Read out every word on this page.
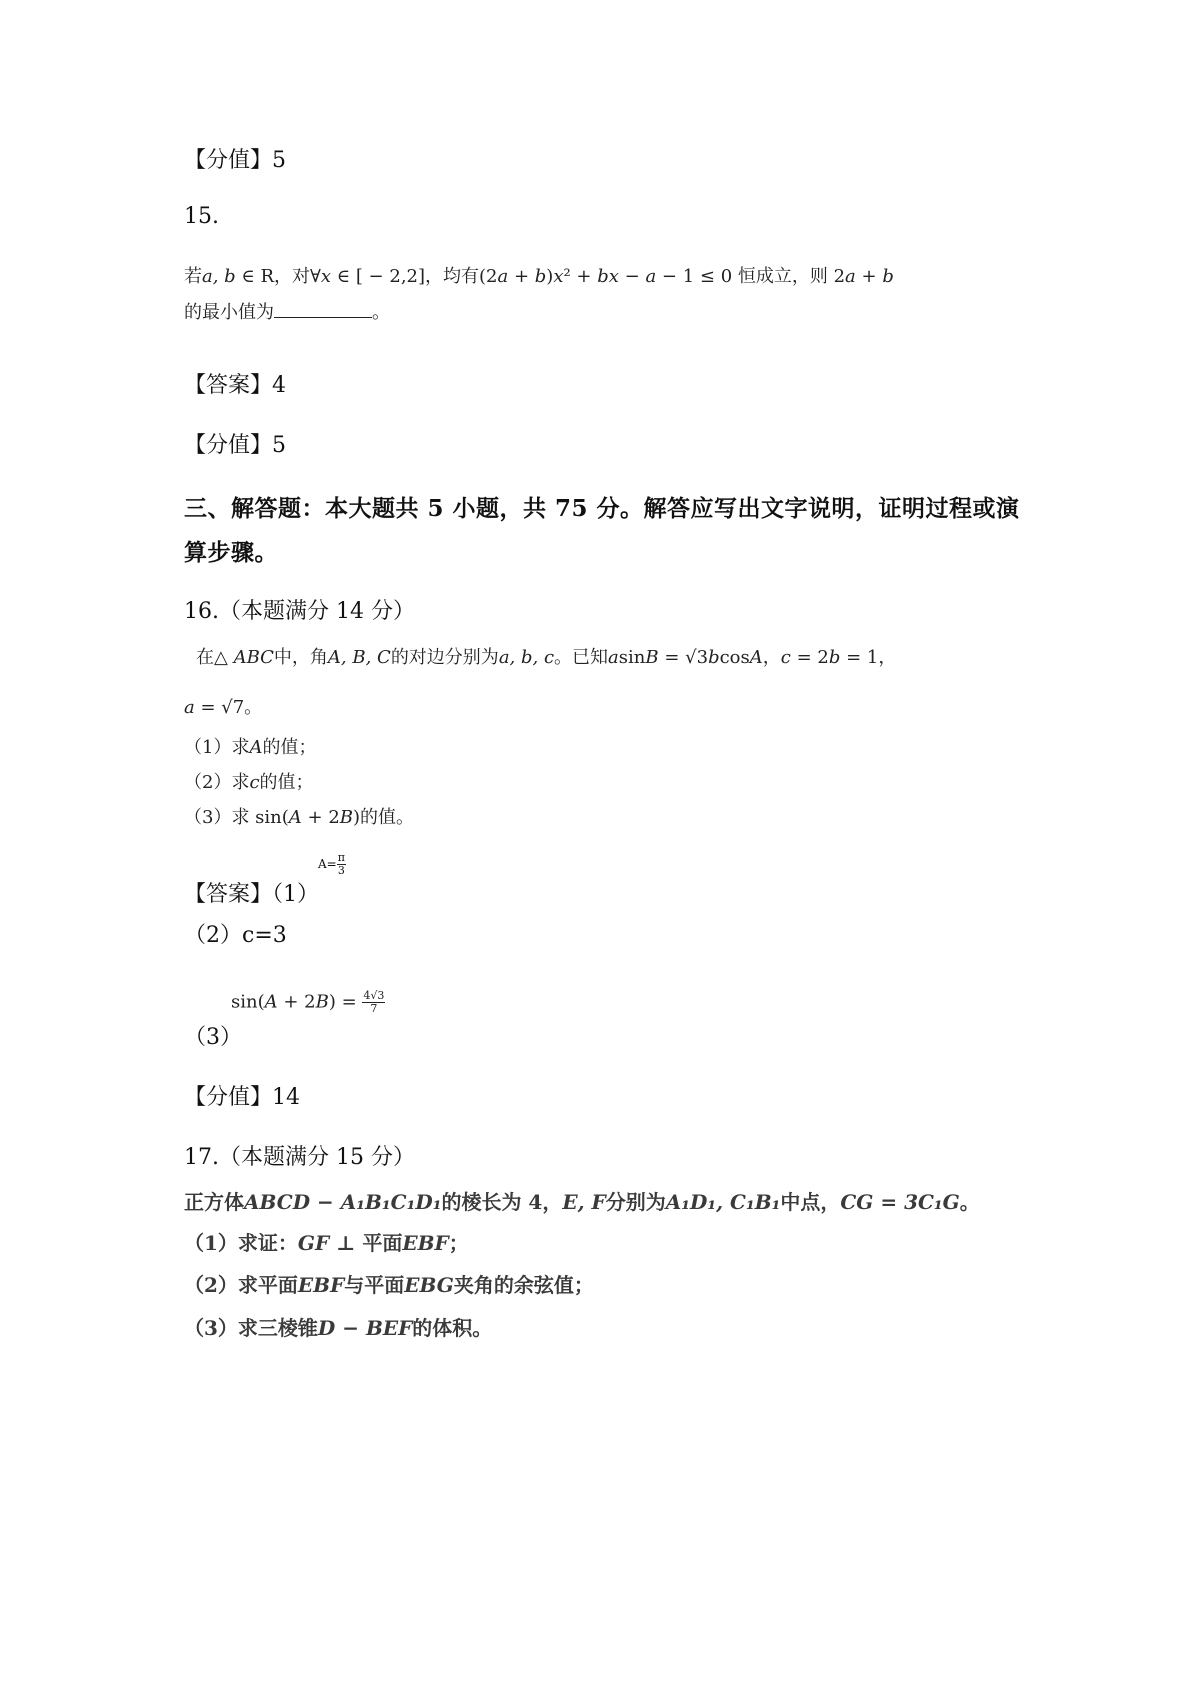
【分值】5
15.
若a, b ∈ R，对∀x ∈ [ − 2,2]，均有(2a + b)x² + bx − a − 1 ≤ 0 恒成立，则 2a + b
的最小值为	。
【答案】4
【分值】5
三、解答题：本大题共 5 小题，共 75 分。解答应写出文字说明，证明过程或演
算步骤。
16.（本题满分 14 分）
在△ ABC中，角A, B, C的对边分别为a, b, c。已知asinB = √3bcosA，c = 2b = 1，
a = √7。
（1）求A的值；
（2）求c的值；
（3）求 sin(A + 2B)的值。
【答案】（1）
$A= \frac{\pi}{3}$
（2）c=3
$\sin(A + 2B) = \frac{4√3}{7}$
（3）
【分值】14
17.（本题满分 15 分）
正方体ABCD − A₁B₁C₁D₁的棱长为 4，E, F分别为A₁D₁, C₁B₁中点，CG = 3C₁G。
（1）求证：GF ⊥ 平面EBF；
（2）求平面EBF与平面EBG夹角的余弦值；
（3）求三棱锥D − BEF的体积。
